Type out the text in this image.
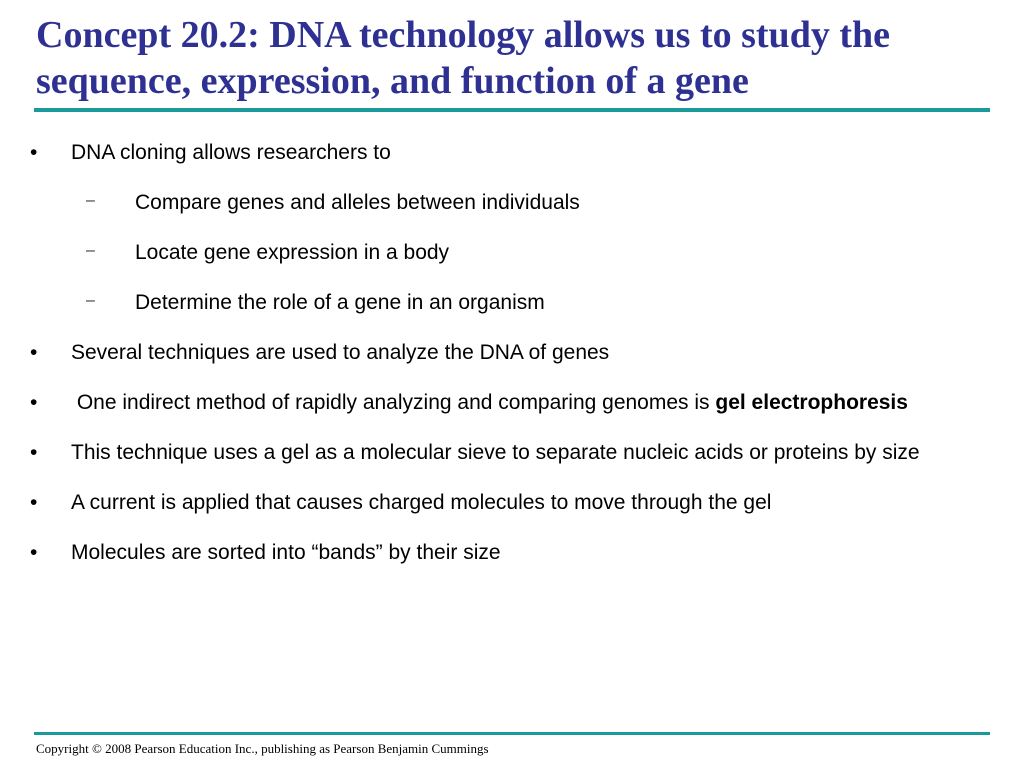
Concept 20.2: DNA technology allows us to study the sequence, expression, and function of a gene
•	DNA cloning allows researchers to
– Compare genes and alleles between individuals
– Locate gene expression in a body
– Determine the role of a gene in an organism
•	Several techniques are used to analyze the DNA of genes
•	One indirect method of rapidly analyzing and comparing genomes is gel electrophoresis
•	This technique uses a gel as a molecular sieve to separate nucleic acids or proteins by size
•	A current is applied that causes charged molecules to move through the gel
•	Molecules are sorted into “bands” by their size
Copyright © 2008 Pearson Education Inc., publishing as Pearson Benjamin Cummings
